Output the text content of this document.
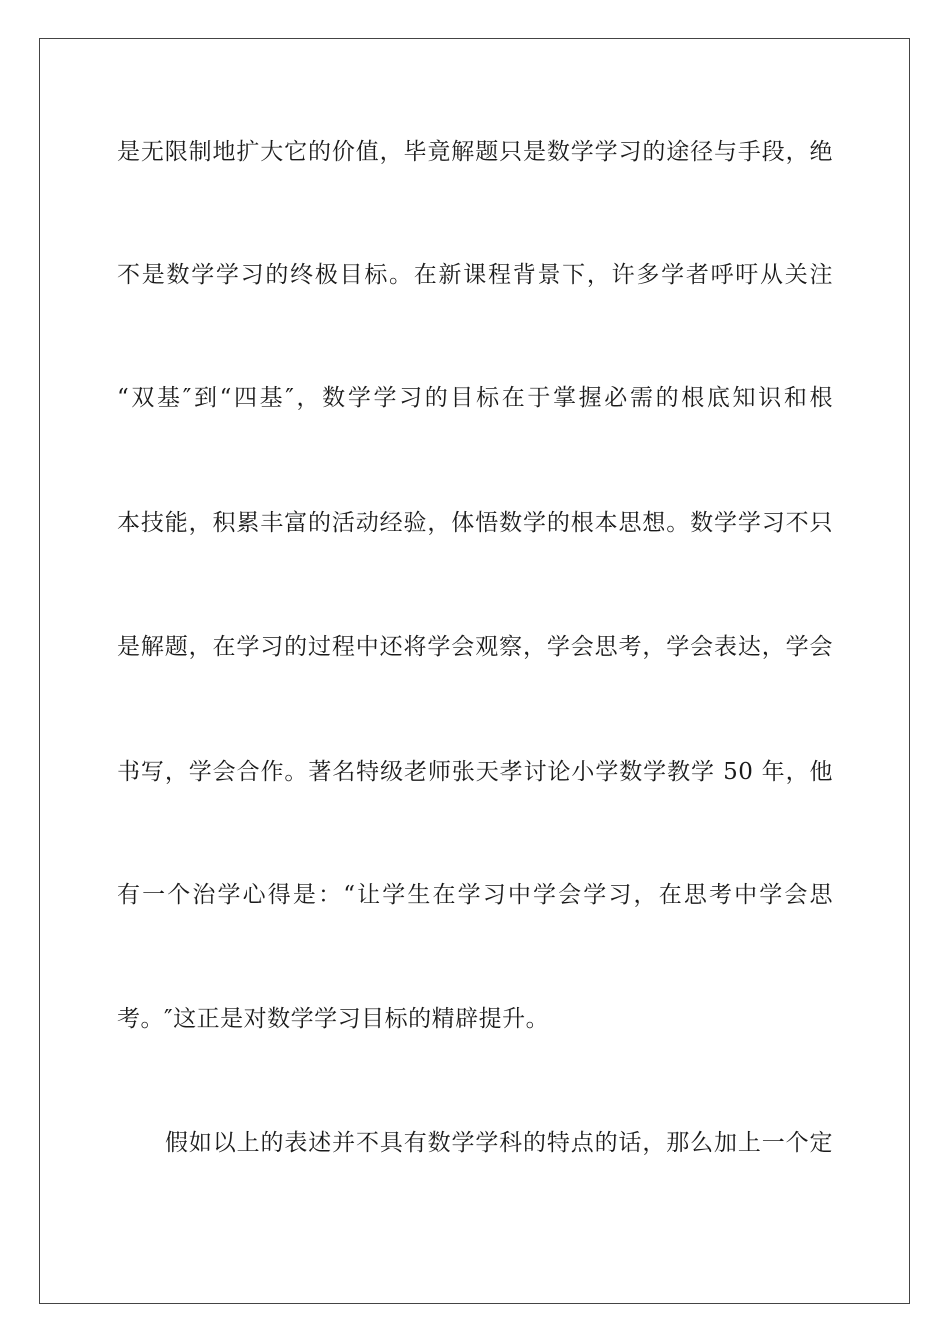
是无限制地扩大它的价值，毕竟解题只是数学学习的途径与手段，绝
不是数学学习的终极目标。在新课程背景下，许多学者呼吁从关注
“双基″到“四基″，数学学习的目标在于掌握必需的根底知识和根
本技能，积累丰富的活动经验，体悟数学的根本思想。数学学习不只
是解题，在学习的过程中还将学会观察，学会思考，学会表达，学会
书写，学会合作。著名特级老师张天孝讨论小学数学教学 50 年，他
有一个治学心得是：“让学生在学习中学会学习，在思考中学会思
考。″这正是对数学学习目标的精辟提升。
假如以上的表述并不具有数学学科的特点的话，那么加上一个定
